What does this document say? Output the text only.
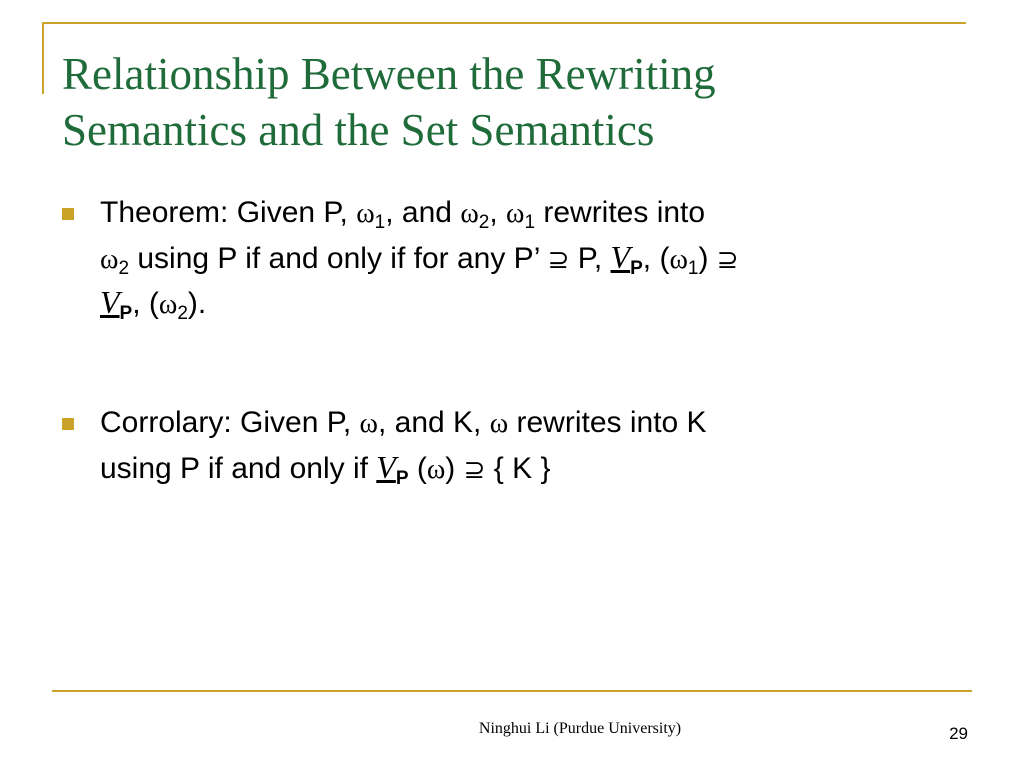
Relationship Between the Rewriting
Semantics and the Set Semantics
Theorem: Given P, $\omega_1$, and $\omega_2$, $\omega_1$ rewrites into
$\omega_2$ using P if and only if for any P’ ⊇ P, $V_P$, $(\omega_1)$ ⊇
$V_P$, $(\omega_2)$.
Corrolary: Given P, ω, and K, ω rewrites into K
using P if and only if $V_P$ (ω) ⊇ { K }
Ninghui Li (Purdue University)	29
